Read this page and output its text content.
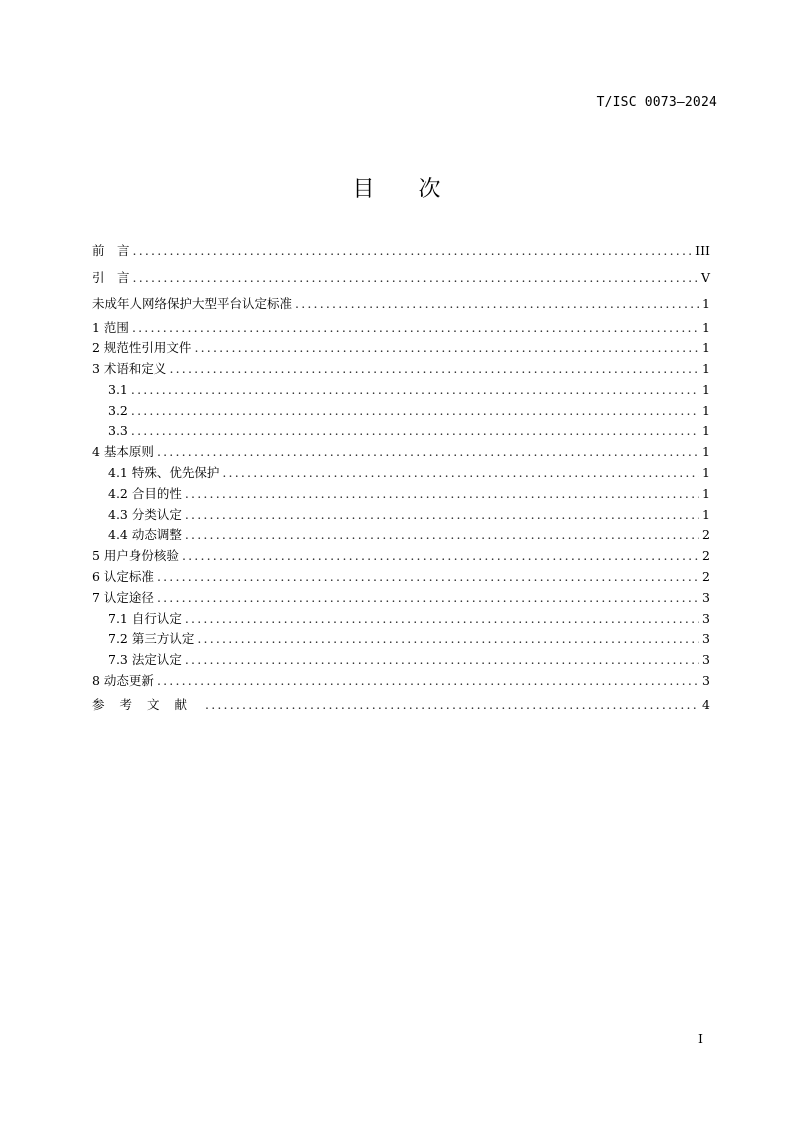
T/ISC 0073—2024
目 次
前　言 .....	III
引　言 .....	V
未成年人网络保护大型平台认定标准 .....	1
1 范围 .....	1
2 规范性引用文件 .....	1
3 术语和定义 .....	1
3.1 .....	1
3.2 .....	1
3.3 .....	1
4 基本原则 .....	1
4.1 特殊、优先保护 .....	1
4.2 合目的性 .....	1
4.3 分类认定 .....	1
4.4 动态调整 .....	2
5 用户身份核验 .....	2
6 认定标准 .....	2
7 认定途径 .....	3
7.1 自行认定 .....	3
7.2 第三方认定 .....	3
7.3 法定认定 .....	3
8 动态更新 .....	3
参考文献 .....	4
I
